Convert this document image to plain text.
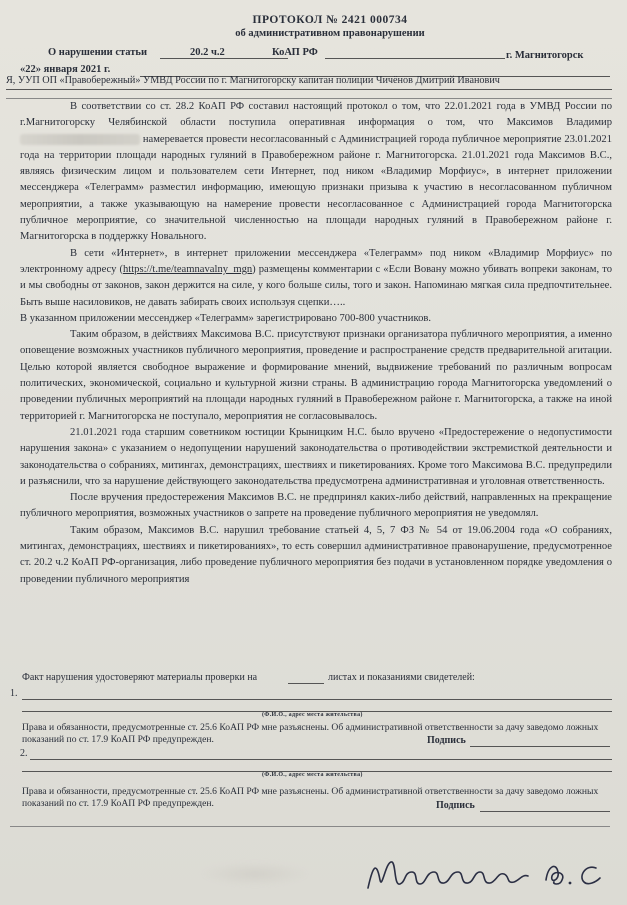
ПРОТОКОЛ № 2421 000734
об административном правонарушении
О нарушении статьи	20.2 ч.2	КоАП РФ	г. Магнитогорск
«22» января 2021 г.
Я, УУП ОП «Правобережный» УМВД России по г. Магнитогорску капитан полиции Чичёнов Дмитрий Иванович

В соответствии со ст. 28.2 КоАП РФ составил настоящий протокол о том, что 22.01.2021 года в УМВД России по г.Магнитогорску Челябинской области поступила оперативная информация о том, что Максимов Владимир  намеревается провести несогласованный с Администрацией города публичное мероприятие 23.01.2021 года на территории площади народных гуляний в Правобережном районе г. Магнитогорска. 21.01.2021 года Максимов В.С., являясь физическим лицом и пользователем сети Интернет, под ником «Владимир Морфиус», в интернет приложении мессенджера «Телеграмм» разместил информацию, имеющую признаки призыва к участию в несогласованном публичном мероприятии, а также указывающую на намерение провести несогласованное с Администрацией города Магнитогорска публичное мероприятие, со значительной численностью на площади народных гуляний в Правобережном районе г. Магнитогорска в поддержку Новального.

В сети «Интернет», в интернет приложении мессенджера «Телеграмм» под ником «Владимир Морфиус» по электронному адресу (https://t.me/teamnavalny_mgn) размещены комментарии с «Если Вовану можно убивать вопреки законам, то и мы свободны от законов, закон держится на силе, у кого больше силы, того и закон. Напоминаю мягкая сила предпочтительнее. Быть выше насиловиков, не давать забирать своих используя сцепки…..

В указанном приложении мессенджер «Телеграмм» зарегистрировано 700-800 участников.

Таким образом, в действиях Максимова В.С. присутствуют признаки организатора публичного мероприятия, а именно оповещение возможных участников публичного мероприятия, проведение и распространение средств предварительной агитации. Целью которой является свободное выражение и формирование мнений, выдвижение требований по различным вопросам политических, экономической, социально и культурной жизни страны. В администрацию города Магнитогорска уведомлений о проведении публичных мероприятий на площади народных гуляний в Правобережном районе г. Магнитогорска, а также на иной территорией г. Магнитогорска не поступало, мероприятия не согласовывалось.

21.01.2021 года старшим советником юстиции Крыницким Н.С. было вручено «Предостережение о недопустимости нарушения закона» с указанием о недопущении нарушений законодательства о противодействии экстремисткой деятельности и законодательства о собраниях, митингах, демонстрациях, шествиях и пикетированиях. Кроме того Максимова В.С. предупредили и разъяснили, что за нарушение действующего законодательства предусмотрена административная и уголовная ответственность.

После вручения предостережения Максимов В.С. не предпринял каких-либо действий, направленных на прекращение публичного мероприятия, возможных участников о запрете на проведение публичного мероприятия не уведомлял.

Таким образом, Максимов В.С. нарушил требование статьей 4, 5, 7 ФЗ № 54 от 19.06.2004 года «О собраниях, митингах, демонстрациях, шествиях и пикетированиях», то есть совершил административное правонарушение, предусмотренное ст. 20.2 ч.2 КоАП РФ-организация, либо проведение публичного мероприятия без подачи в установленном порядке уведомления о проведении публичного мероприятия

Факт нарушения удостоверяют материалы проверки на	листах и показаниями свидетелей:
1.
(Ф.И.О., адрес места жительства)
Права и обязанности, предусмотренные ст. 25.6 КоАП РФ мне разъяснены. Об административной ответственности за дачу заведомо ложных показаний по ст. 17.9 КоАП РФ предупрежден.	Подпись
2.
(Ф.И.О., адрес места жительства)
Права и обязанности, предусмотренные ст. 25.6 КоАП РФ мне разъяснены. Об административной ответственности за дачу заведомо ложных показаний по ст. 17.9 КоАП РФ предупрежден.	Подпись
